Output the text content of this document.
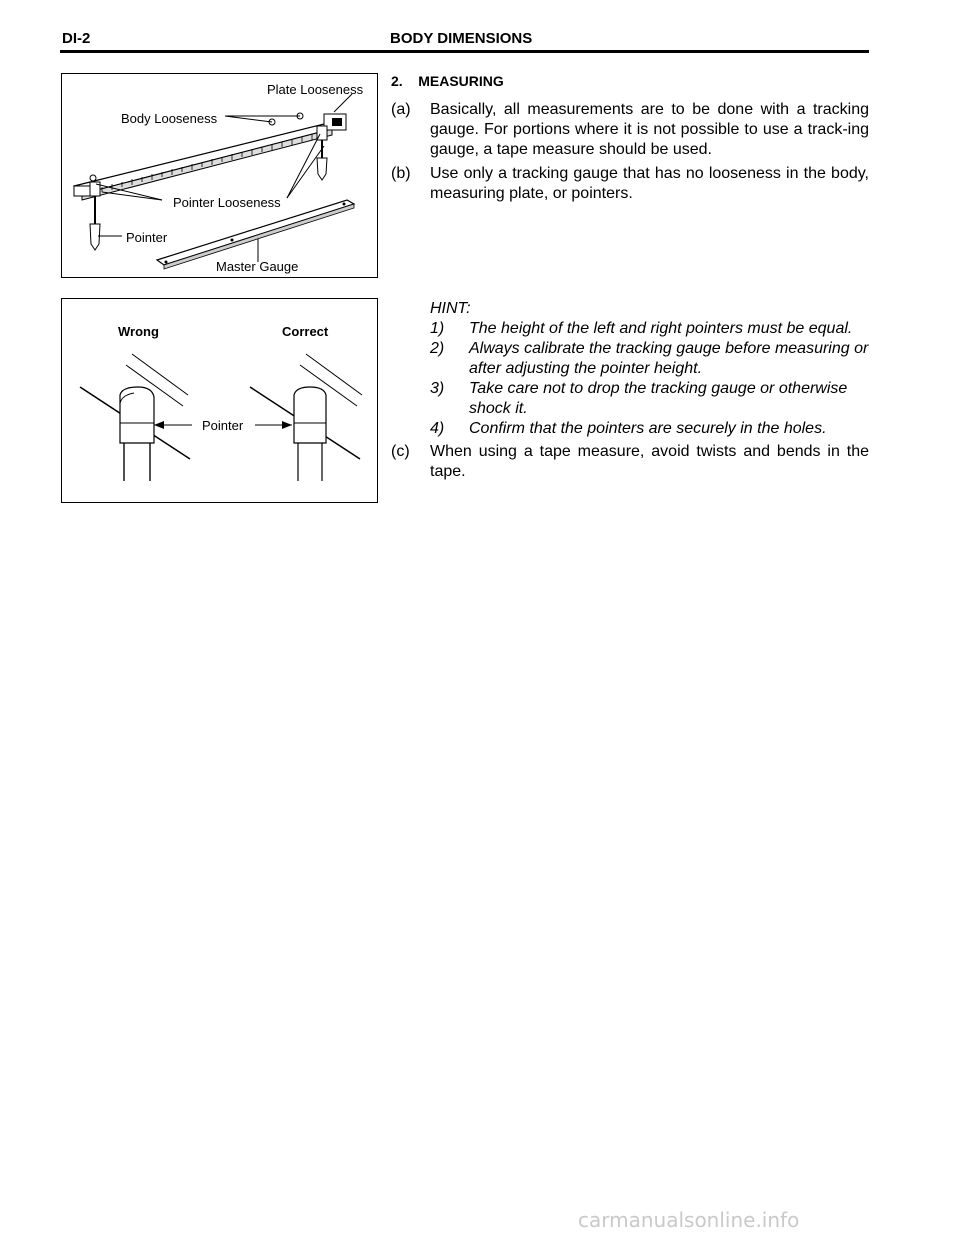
DI-2	BODY DIMENSIONS
Plate Looseness
Body Looseness
Pointer Looseness
Pointer
Master Gauge
Wrong	Correct
Pointer
2.    MEASURING
(a) Basically, all measurements are to be done with a tracking gauge. For portions where it is not possible to use a track-ing gauge, a tape measure should be used.
(b) Use only a tracking gauge that has no looseness in the body, measuring plate, or pointers.
HINT:
1) The height of the left and right pointers must be equal.
2) Always calibrate the tracking gauge before measuring or after adjusting the pointer height.
3) Take care not to drop the tracking gauge or otherwise shock it.
4) Confirm that the pointers are securely in the holes.
(c) When using a tape measure, avoid twists and bends in the tape.
carmanualsonline.info
